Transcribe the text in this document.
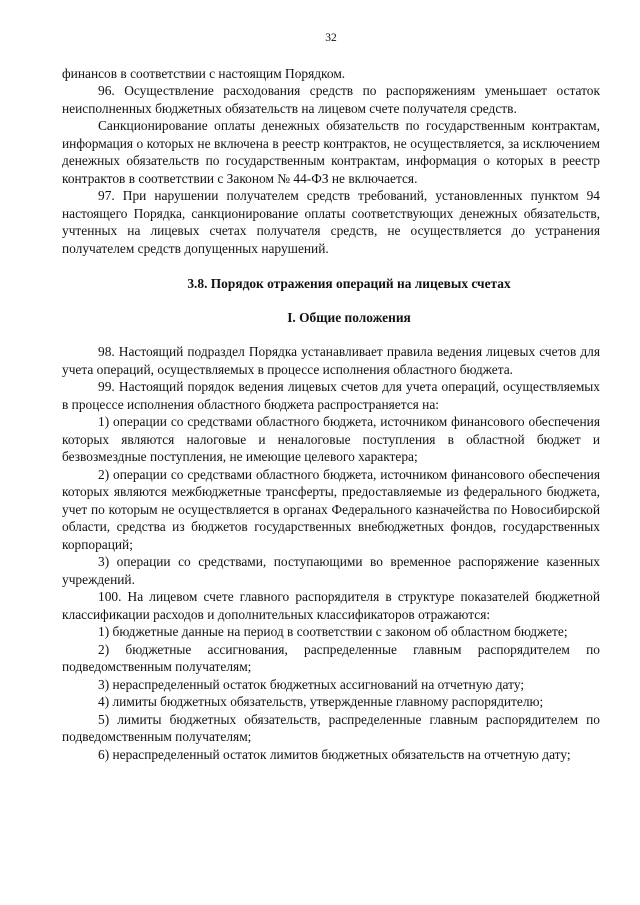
32

финансов в соответствии с настоящим Порядком.

96. Осуществление расходования средств по распоряжениям уменьшает остаток неисполненных бюджетных обязательств на лицевом счете получателя средств.

Санкционирование оплаты денежных обязательств по государственным контрактам, информация о которых не включена в реестр контрактов, не осуществляется, за исключением денежных обязательств по государственным контрактам, информация о которых в реестр контрактов в соответствии с Законом № 44-ФЗ не включается.

97. При нарушении получателем средств требований, установленных пунктом 94 настоящего Порядка, санкционирование оплаты соответствующих денежных обязательств, учтенных на лицевых счетах получателя средств, не осуществляется до устранения получателем средств допущенных нарушений.

3.8. Порядок отражения операций на лицевых счетах

I. Общие положения

98. Настоящий подраздел Порядка устанавливает правила ведения лицевых счетов для учета операций, осуществляемых в процессе исполнения областного бюджета.

99. Настоящий порядок ведения лицевых счетов для учета операций, осуществляемых в процессе исполнения областного бюджета распространяется на:

1) операции со средствами областного бюджета, источником финансового обеспечения которых являются налоговые и неналоговые поступления в областной бюджет и безвозмездные поступления, не имеющие целевого характера;

2) операции со средствами областного бюджета, источником финансового обеспечения которых являются межбюджетные трансферты, предоставляемые из федерального бюджета, учет по которым не осуществляется в органах Федерального казначейства по Новосибирской области, средства из бюджетов государственных внебюджетных фондов, государственных корпораций;

3) операции со средствами, поступающими во временное распоряжение казенных учреждений.

100. На лицевом счете главного распорядителя в структуре показателей бюджетной классификации расходов и дополнительных классификаторов отражаются:

1) бюджетные данные на период в соответствии с законом об областном бюджете;

2) бюджетные ассигнования, распределенные главным распорядителем по подведомственным получателям;

3) нераспределенный остаток бюджетных ассигнований на отчетную дату;

4) лимиты бюджетных обязательств, утвержденные главному распорядителю;

5) лимиты бюджетных обязательств, распределенные главным распорядителем по подведомственным получателям;

6) нераспределенный остаток лимитов бюджетных обязательств на отчетную дату;
